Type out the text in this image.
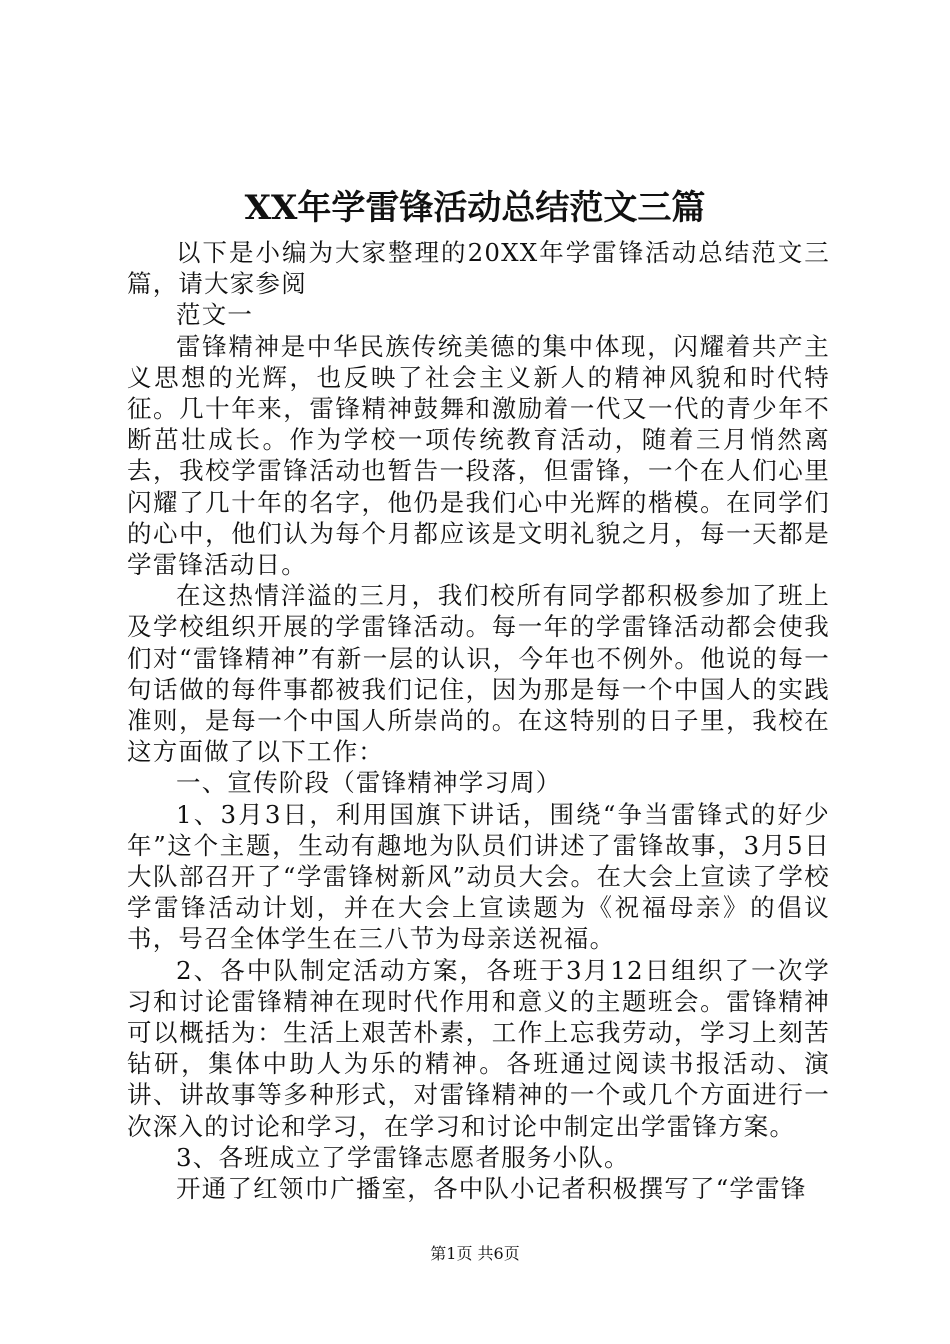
XX年学雷锋活动总结范文三篇

以下是小编为大家整理的20XX年学雷锋活动总结范文三篇，请大家参阅

范文一

雷锋精神是中华民族传统美德的集中体现，闪耀着共产主义思想的光辉，也反映了社会主义新人的精神风貌和时代特征。几十年来，雷锋精神鼓舞和激励着一代又一代的青少年不断茁壮成长。作为学校一项传统教育活动，随着三月悄然离去，我校学雷锋活动也暂告一段落，但雷锋，一个在人们心里闪耀了几十年的名字，他仍是我们心中光辉的楷模。在同学们的心中，他们认为每个月都应该是文明礼貌之月，每一天都是学雷锋活动日。

在这热情洋溢的三月，我们校所有同学都积极参加了班上及学校组织开展的学雷锋活动。每一年的学雷锋活动都会使我们对“雷锋精神”有新一层的认识，今年也不例外。他说的每一句话做的每件事都被我们记住，因为那是每一个中国人的实践准则，是每一个中国人所崇尚的。在这特别的日子里，我校在这方面做了以下工作：

一、宣传阶段（雷锋精神学习周）

1、3月3日，利用国旗下讲话，围绕“争当雷锋式的好少年”这个主题，生动有趣地为队员们讲述了雷锋故事，3月5日大队部召开了“学雷锋树新风”动员大会。在大会上宣读了学校学雷锋活动计划，并在大会上宣读题为《祝福母亲》的倡议书，号召全体学生在三八节为母亲送祝福。

2、各中队制定活动方案，各班于3月12日组织了一次学习和讨论雷锋精神在现时代作用和意义的主题班会。雷锋精神可以概括为：生活上艰苦朴素，工作上忘我劳动，学习上刻苦钻研，集体中助人为乐的精神。各班通过阅读书报活动、演讲、讲故事等多种形式，对雷锋精神的一个或几个方面进行一次深入的讨论和学习，在学习和讨论中制定出学雷锋方案。

3、各班成立了学雷锋志愿者服务小队。

开通了红领巾广播室，各中队小记者积极撰写了“学雷锋

第1页 共6页
